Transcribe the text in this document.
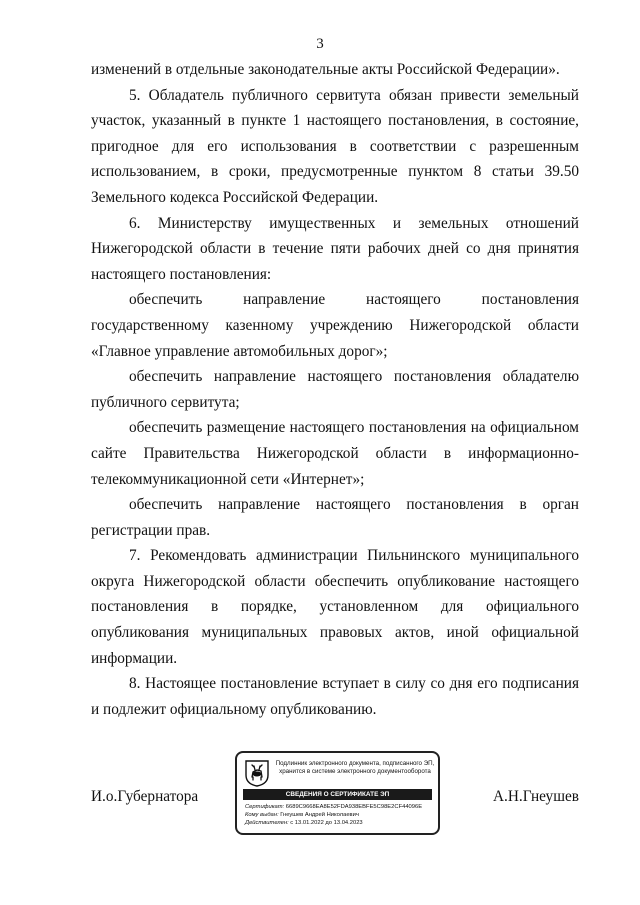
3

изменений в отдельные законодательные акты Российской Федерации».

5. Обладатель публичного сервитута обязан привести земельный участок, указанный в пункте 1 настоящего постановления, в состояние, пригодное для его использования в соответствии с разрешенным использованием, в сроки, предусмотренные пунктом 8 статьи 39.50 Земельного кодекса Российской Федерации.

6. Министерству имущественных и земельных отношений Нижегородской области в течение пяти рабочих дней со дня принятия настоящего постановления:

обеспечить направление настоящего постановления государственному казенному учреждению Нижегородской области «Главное управление автомобильных дорог»;

обеспечить направление настоящего постановления обладателю публичного сервитута;

обеспечить размещение настоящего постановления на официальном сайте Правительства Нижегородской области в информационно-телекоммуникационной сети «Интернет»;

обеспечить направление настоящего постановления в орган регистрации прав.

7. Рекомендовать администрации Пильнинского муниципального округа Нижегородской области обеспечить опубликование настоящего постановления в порядке, установленном для официального опубликования муниципальных правовых актов, иной официальной информации.

8. Настоящее постановление вступает в силу со дня его подписания и подлежит официальному опубликованию.

Подлинник электронного документа, подписанного ЭП, хранится в системе электронного документооборота
СВЕДЕНИЯ О СЕРТИФИКАТЕ ЭП
Сертификат: 6689C9668EA8E52FDA938EBFE5C98E2CF44096E
Кому выдан: Гнеушев Андрей Николаевич
Действителен: с 13.01.2022 до 13.04.2023
И.о.Губернатора	А.Н.Гнеушев
